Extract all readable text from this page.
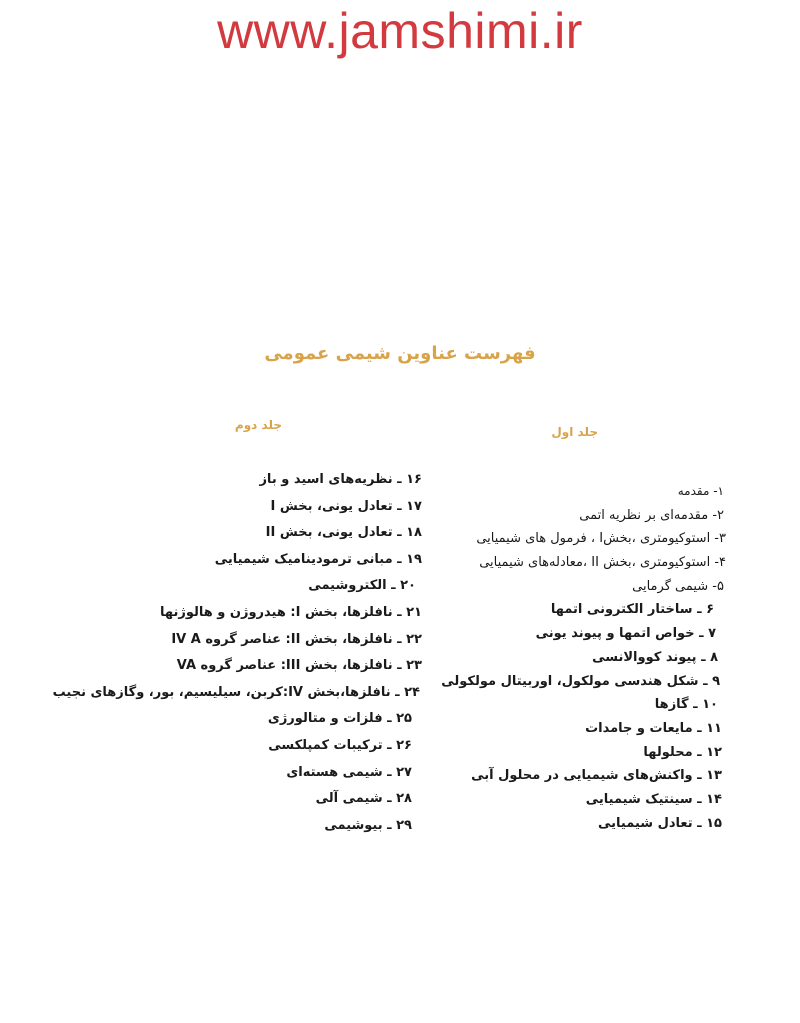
www.jamshimi.ir
فهرست عناوین شیمی عمومی
جلد اول
جلد دوم
۱- مقدمه
۲- مقدمه‌ای بر نظریه اتمی
۳- استوکیومتری ،بخشI ، فرمول های شیمیایی
۴- استوکیومتری ،بخش II ،معادله‌های شیمیایی
۵- شیمی گرمایی
۶ ـ ساختار الکترونی اتمها
۷ ـ خواص اتمها و پیوند یونی
۸ ـ پیوند کووالانسی
۹ ـ شکل هندسی مولکول، اوربیتال مولکولی
۱۰ ـ گازها
۱۱ ـ مایعات و جامدات
۱۲ ـ محلولها
۱۳ ـ واکنش‌های شیمیایی در محلول آبی
۱۴ ـ سینتیک شیمیایی
۱۵ ـ تعادل شیمیایی
۱۶ ـ نظریه‌های اسید و باز
۱۷ ـ تعادل یونی، بخش I
۱۸ ـ تعادل یونی، بخش II
۱۹ ـ مبانی ترمودینامیک شیمیایی
۲۰ ـ الکتروشیمی
۲۱ ـ نافلزها، بخش I: هیدروژن و هالوژنها
۲۲ ـ نافلزها، بخش II: عناصر گروه IV A
۲۳ ـ نافلزها، بخش III: عناصر گروه VA
۲۴ ـ نافلزها،بخش IV:کربن، سیلیسیم، بور، وگازهای نجیب
۲۵ ـ فلزات و متالورژی
۲۶ ـ ترکیبات کمپلکسی
۲۷ ـ شیمی هسته‌ای
۲۸ ـ شیمی آلی
۲۹ ـ بیوشیمی
